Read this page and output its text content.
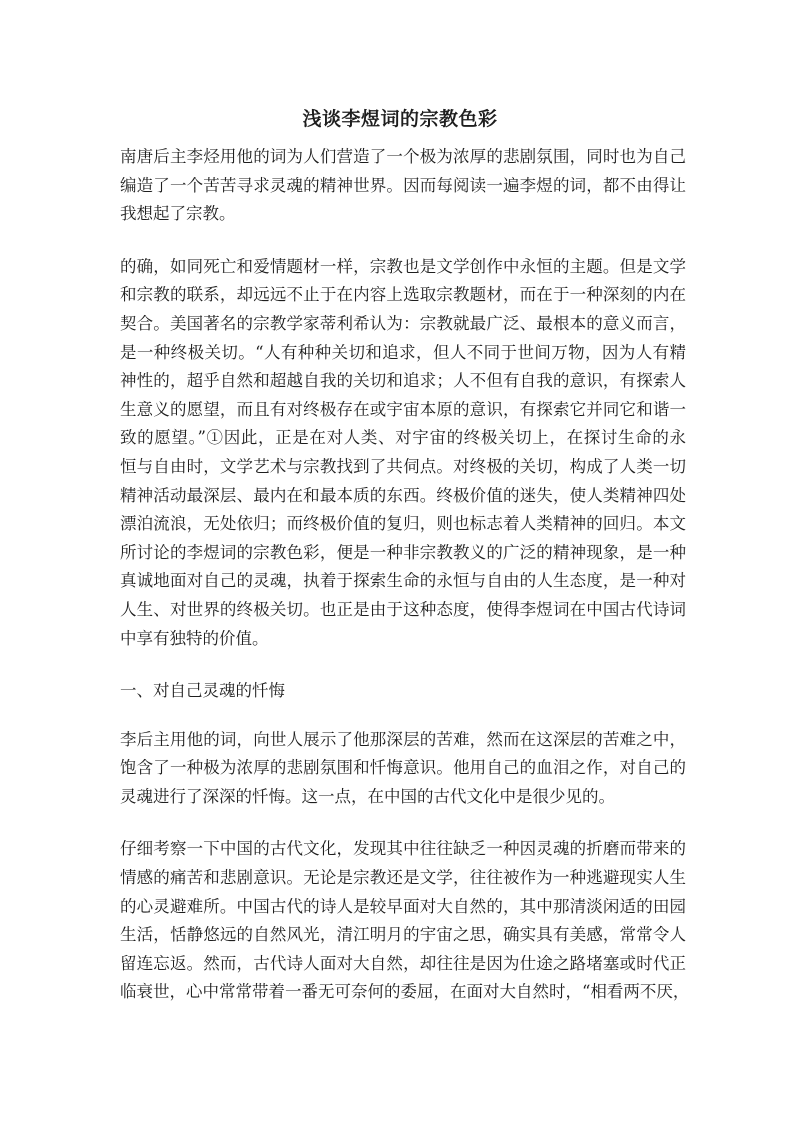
浅谈李煜词的宗教色彩
南唐后主李烃用他的词为人们营造了一个极为浓厚的悲剧氛围，同时也为自己
编造了一个苦苦寻求灵魂的精神世界。因而每阅读一遍李煜的词，都不由得让
我想起了宗教。
的确，如同死亡和爱情题材一样，宗教也是文学创作中永恒的主题。但是文学
和宗教的联系，却远远不止于在内容上选取宗教题材，而在于一种深刻的内在
契合。美国著名的宗教学家蒂利希认为：宗教就最广泛、最根本的意义而言，
是一种终极关切。“人有种种关切和追求，但人不同于世间万物，因为人有精
神性的，超乎自然和超越自我的关切和追求；人不但有自我的意识，有探索人
生意义的愿望，而且有对终极存在或宇宙本原的意识，有探索它并同它和谐一
致的愿望。”①因此，正是在对人类、对宇宙的终极关切上，在探讨生命的永
恒与自由时，文学艺术与宗教找到了共伺点。对终极的关切，构成了人类一切
精神活动最深层、最内在和最本质的东西。终极价值的迷失，使人类精神四处
漂泊流浪，无处依归；而终极价值的复归，则也标志着人类精神的回归。本文
所讨论的李煜词的宗教色彩，便是一种非宗教教义的广泛的精神现象，是一种
真诚地面对自己的灵魂，执着于探索生命的永恒与自由的人生态度，是一种对
人生、对世界的终极关切。也正是由于这种态度，使得李煜词在中国古代诗词
中享有独特的价值。
一、对自己灵魂的忏悔
李后主用他的词，向世人展示了他那深层的苦难，然而在这深层的苦难之中，
饱含了一种极为浓厚的悲剧氛围和忏悔意识。他用自己的血泪之作，对自己的
灵魂进行了深深的忏悔。这一点，在中国的古代文化中是很少见的。
仔细考察一下中国的古代文化，发现其中往往缺乏一种因灵魂的折磨而带来的
情感的痛苦和悲剧意识。无论是宗教还是文学，往往被作为一种逃避现实人生
的心灵避难所。中国古代的诗人是较早面对大自然的，其中那清淡闲适的田园
生活，恬静悠远的自然风光，清江明月的宇宙之思，确实具有美感，常常令人
留连忘返。然而，古代诗人面对大自然，却往往是因为仕途之路堵塞或时代正
临衰世，心中常常带着一番无可奈何的委屈，在面对大自然时，“相看两不厌，
